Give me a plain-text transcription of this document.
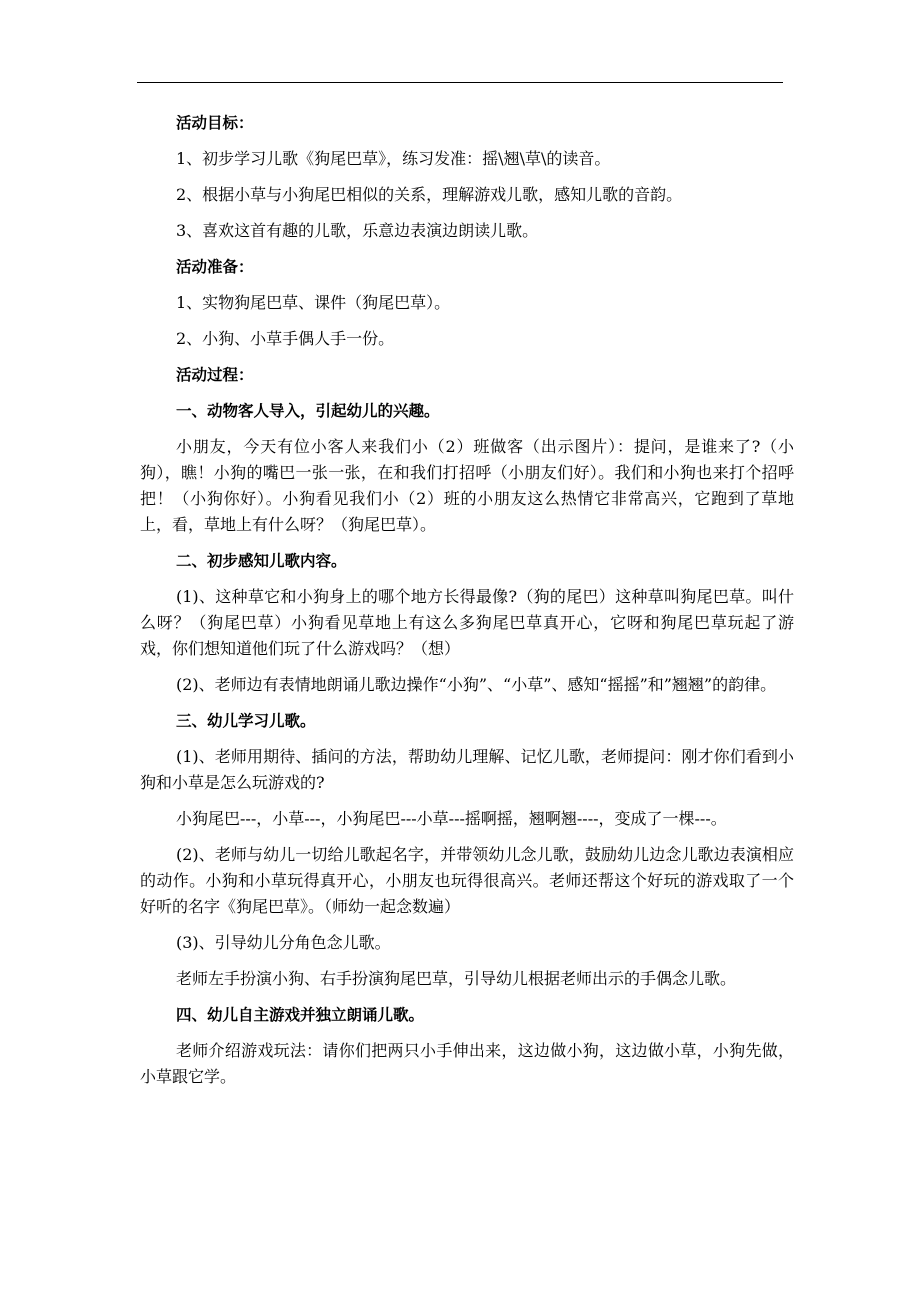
活动目标：

1、初步学习儿歌《狗尾巴草》，练习发准：摇\翘\草\的读音。

2、根据小草与小狗尾巴相似的关系，理解游戏儿歌，感知儿歌的音韵。

3、喜欢这首有趣的儿歌，乐意边表演边朗读儿歌。

活动准备：

1、实物狗尾巴草、课件（狗尾巴草）。

2、小狗、小草手偶人手一份。

活动过程：

一、动物客人导入，引起幼儿的兴趣。

小朋友，今天有位小客人来我们小（2）班做客（出示图片）：提问，是谁来了?（小狗），瞧！小狗的嘴巴一张一张，在和我们打招呼（小朋友们好）。我们和小狗也来打个招呼把！（小狗你好）。小狗看见我们小（2）班的小朋友这么热情它非常高兴，它跑到了草地上，看，草地上有什么呀？（狗尾巴草）。

二、初步感知儿歌内容。

(1)、这种草它和小狗身上的哪个地方长得最像?（狗的尾巴）这种草叫狗尾巴草。叫什么呀？（狗尾巴草）小狗看见草地上有这么多狗尾巴草真开心，它呀和狗尾巴草玩起了游戏，你们想知道他们玩了什么游戏吗？（想）

(2)、老师边有表情地朗诵儿歌边操作“小狗”、“小草”、感知“摇摇”和”翘翘”的韵律。

三、幼儿学习儿歌。

(1)、老师用期待、插问的方法，帮助幼儿理解、记忆儿歌，老师提问：刚才你们看到小狗和小草是怎么玩游戏的?

小狗尾巴---，小草---，小狗尾巴---小草---摇啊摇，翘啊翘----，变成了一棵---。

(2)、老师与幼儿一切给儿歌起名字，并带领幼儿念儿歌，鼓励幼儿边念儿歌边表演相应的动作。小狗和小草玩得真开心，小朋友也玩得很高兴。老师还帮这个好玩的游戏取了一个好听的名字《狗尾巴草》。（师幼一起念数遍）

(3)、引导幼儿分角色念儿歌。

老师左手扮演小狗、右手扮演狗尾巴草，引导幼儿根据老师出示的手偶念儿歌。

四、幼儿自主游戏并独立朗诵儿歌。

老师介绍游戏玩法：请你们把两只小手伸出来，这边做小狗，这边做小草，小狗先做，小草跟它学。
